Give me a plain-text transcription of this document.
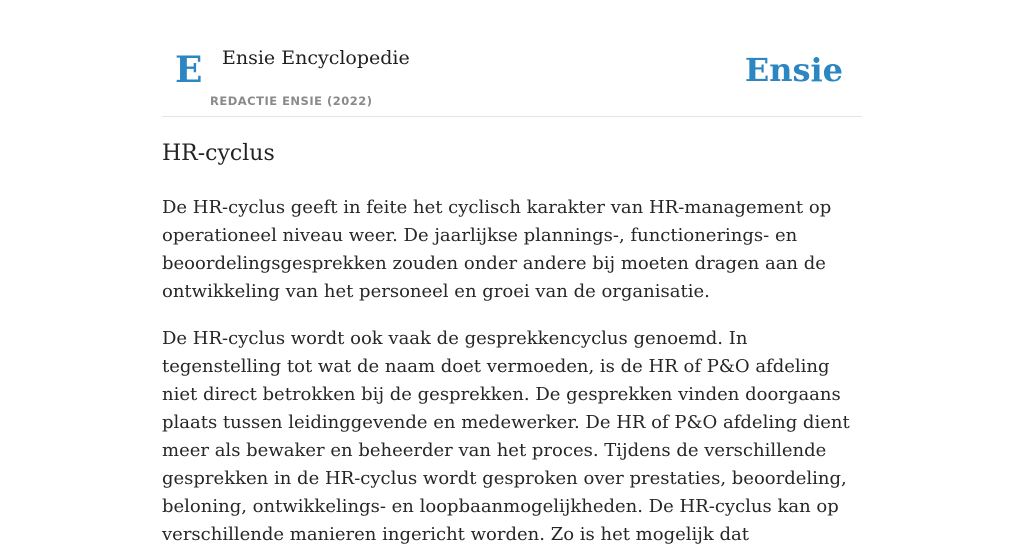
E Ensie Encyclopedie
REDACTIE ENSIE (2022)
Ensie
HR-cyclus

De HR-cyclus geeft in feite het cyclisch karakter van HR-management op operationeel niveau weer. De jaarlijkse plannings-, functionerings- en beoordelingsgesprekken zouden onder andere bij moeten dragen aan de ontwikkeling van het personeel en groei van de organisatie.

De HR-cyclus wordt ook vaak de gesprekkencyclus genoemd. In tegenstelling tot wat de naam doet vermoeden, is de HR of P&O afdeling niet direct betrokken bij de gesprekken. De gesprekken vinden doorgaans plaats tussen leidinggevende en medewerker. De HR of P&O afdeling dient meer als bewaker en beheerder van het proces. Tijdens de verschillende gesprekken in de HR-cyclus wordt gesproken over prestaties, beoordeling, beloning, ontwikkelings- en loopbaanmogelijkheden. De HR-cyclus kan op verschillende manieren ingericht worden. Zo is het mogelijk dat
